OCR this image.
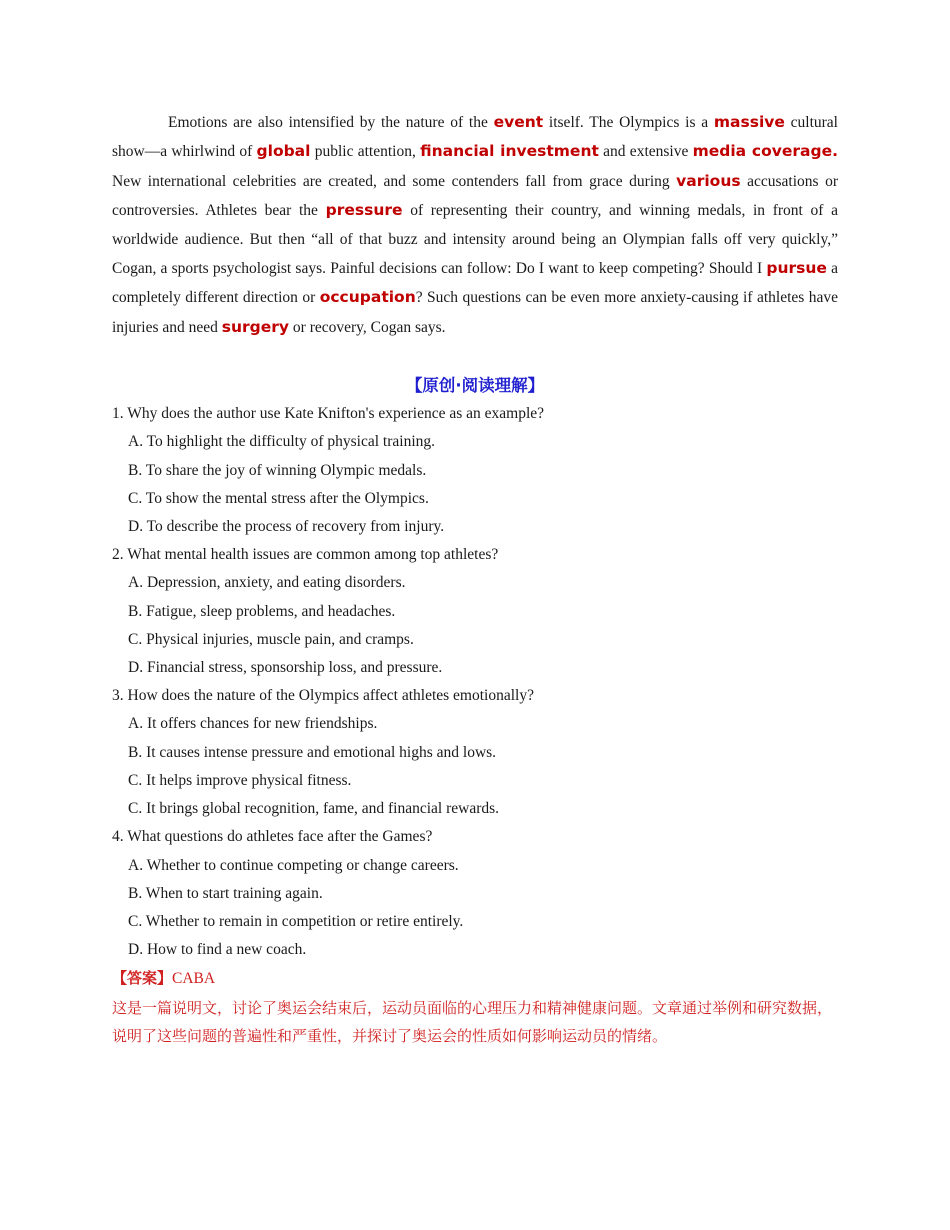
Emotions are also intensified by the nature of the event itself. The Olympics is a massive cultural show—a whirlwind of global public attention, financial investment and extensive media coverage. New international celebrities are created, and some contenders fall from grace during various accusations or controversies. Athletes bear the pressure of representing their country, and winning medals, in front of a worldwide audience. But then “all of that buzz and intensity around being an Olympian falls off very quickly,” Cogan, a sports psychologist says. Painful decisions can follow: Do I want to keep competing? Should I pursue a completely different direction or occupation? Such questions can be even more anxiety-causing if athletes have injuries and need surgery or recovery, Cogan says.

【原创·阅读理解】
1. Why does the author use Kate Knifton's experience as an example?
A. To highlight the difficulty of physical training.
B. To share the joy of winning Olympic medals.
C. To show the mental stress after the Olympics.
D. To describe the process of recovery from injury.
2. What mental health issues are common among top athletes?
A. Depression, anxiety, and eating disorders.
B. Fatigue, sleep problems, and headaches.
C. Physical injuries, muscle pain, and cramps.
D. Financial stress, sponsorship loss, and pressure.
3. How does the nature of the Olympics affect athletes emotionally?
A. It offers chances for new friendships.
B. It causes intense pressure and emotional highs and lows.
C. It helps improve physical fitness.
C. It brings global recognition, fame, and financial rewards.
4. What questions do athletes face after the Games?
A. Whether to continue competing or change careers.
B. When to start training again.
C. Whether to remain in competition or retire entirely.
D. How to find a new coach.
【答案】CABA

这是一篇说明文，讨论了奥运会结束后，运动员面临的心理压力和精神健康问题。文章通过举例和研究数据，说明了这些问题的普遍性和严重性，并探讨了奥运会的性质如何影响运动员的情绪。
